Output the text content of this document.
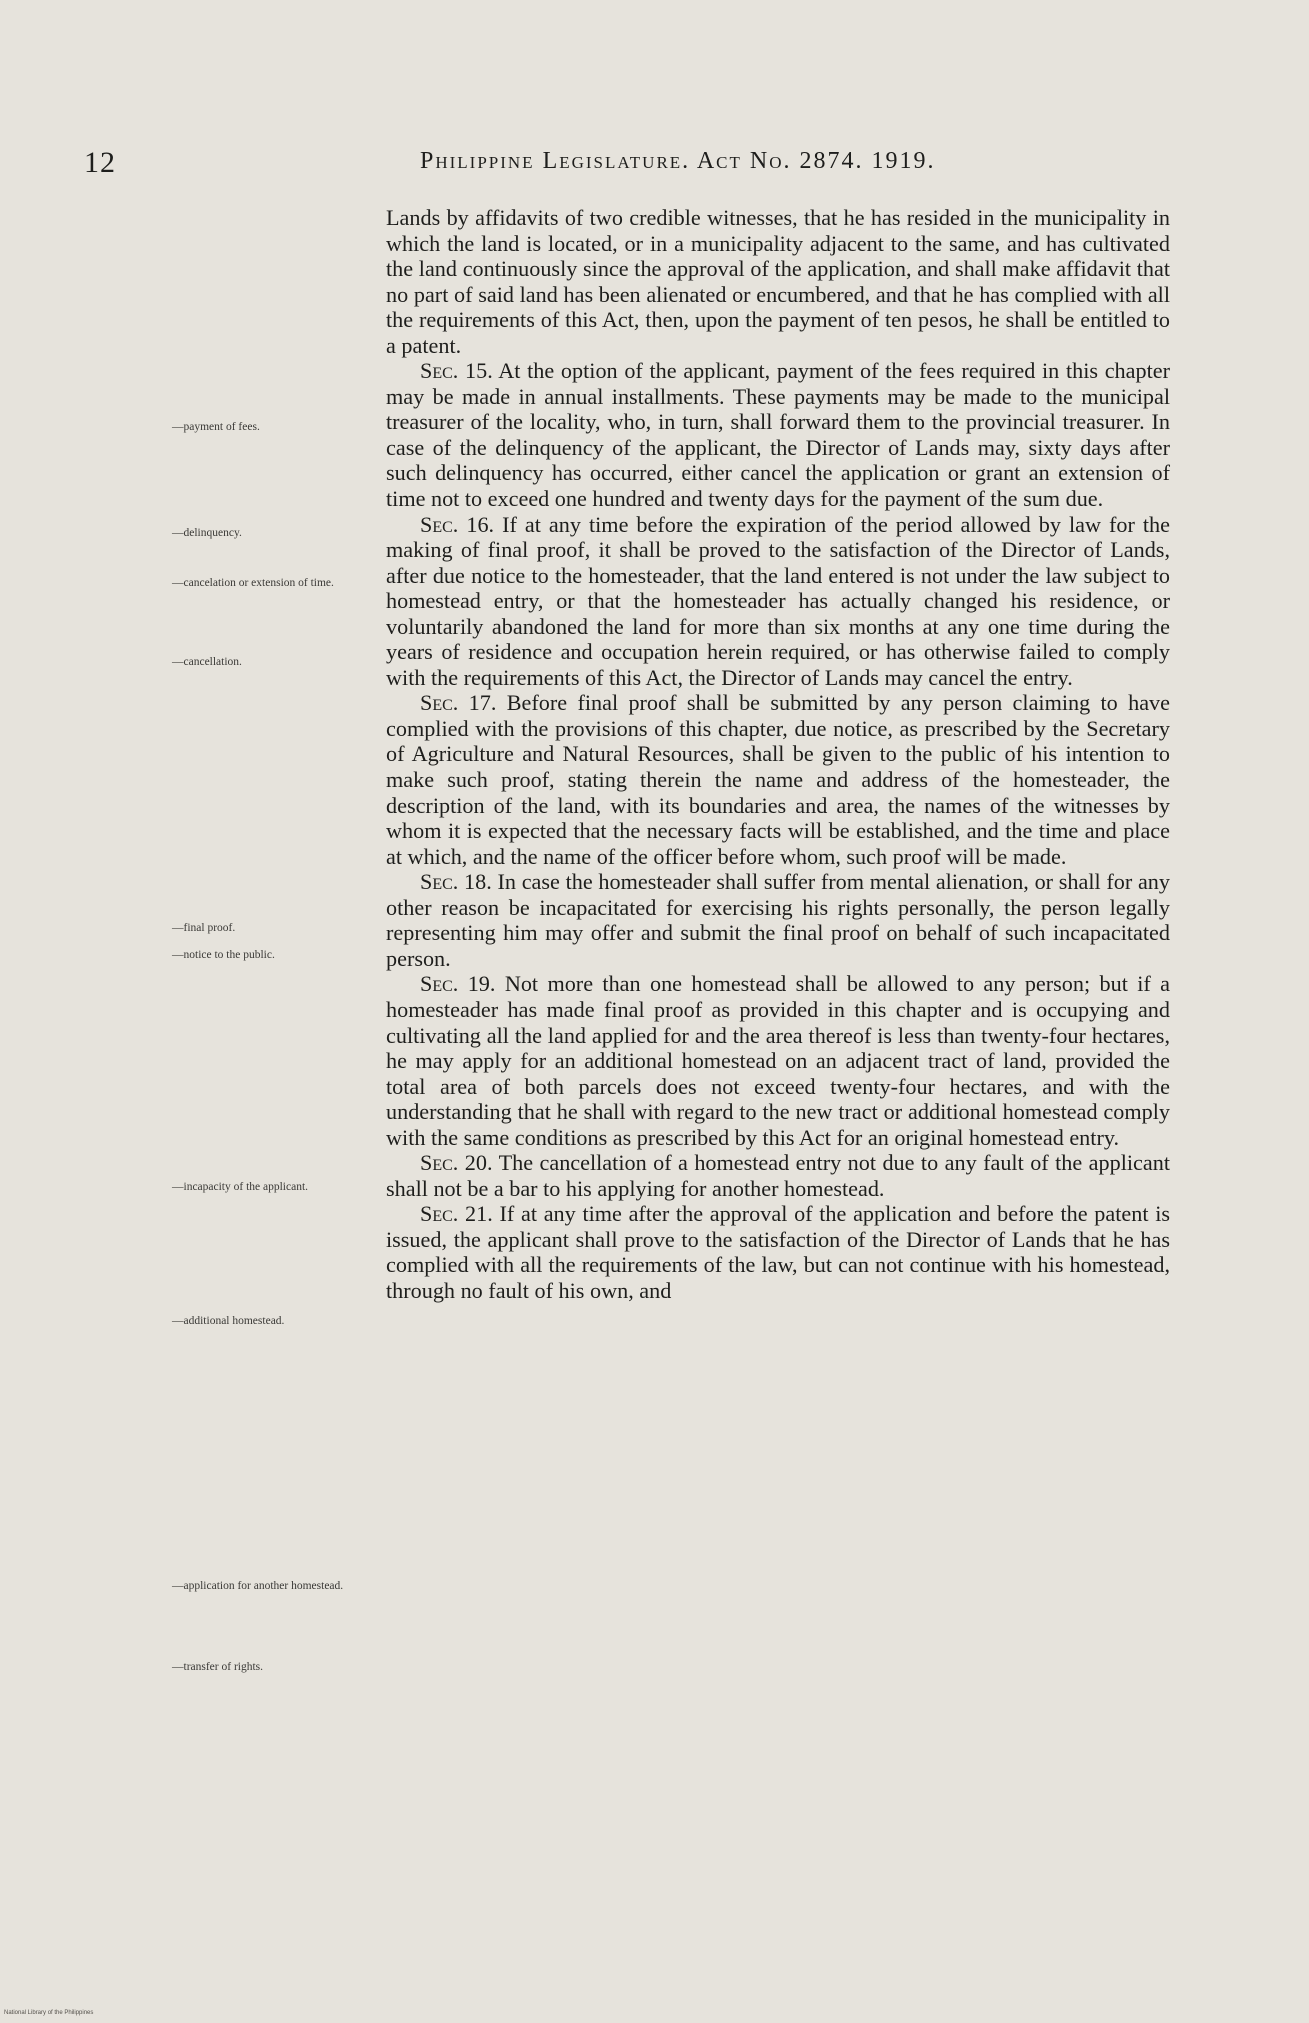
12	Philippine Legislature. Act No. 2874. 1919.
—payment of fees.
—delinquency.
—cancelation or extension of time.
—cancellation.
—final proof.
—notice to the public.
—incapacity of the applicant.
—additional homestead.
—application for another homestead.
—transfer of rights.

Lands by affidavits of two credible witnesses, that he has resided in the municipality in which the land is located, or in a municipality adjacent to the same, and has cultivated the land continuously since the approval of the application, and shall make affidavit that no part of said land has been alienated or encumbered, and that he has complied with all the requirements of this Act, then, upon the payment of ten pesos, he shall be entitled to a patent.

Sec. 15. At the option of the applicant, payment of the fees required in this chapter may be made in annual installments. These payments may be made to the municipal treasurer of the locality, who, in turn, shall forward them to the provincial treasurer. In case of the delinquency of the applicant, the Director of Lands may, sixty days after such delinquency has occurred, either cancel the application or grant an extension of time not to exceed one hundred and twenty days for the payment of the sum due.

Sec. 16. If at any time before the expiration of the period allowed by law for the making of final proof, it shall be proved to the satisfaction of the Director of Lands, after due notice to the homesteader, that the land entered is not under the law subject to homestead entry, or that the homesteader has actually changed his residence, or voluntarily abandoned the land for more than six months at any one time during the years of residence and occupation herein required, or has otherwise failed to comply with the requirements of this Act, the Director of Lands may cancel the entry.

Sec. 17. Before final proof shall be submitted by any person claiming to have complied with the provisions of this chapter, due notice, as prescribed by the Secretary of Agriculture and Natural Resources, shall be given to the public of his intention to make such proof, stating therein the name and address of the homesteader, the description of the land, with its boundaries and area, the names of the witnesses by whom it is expected that the necessary facts will be established, and the time and place at which, and the name of the officer before whom, such proof will be made.

Sec. 18. In case the homesteader shall suffer from mental alienation, or shall for any other reason be incapacitated for exercising his rights personally, the person legally representing him may offer and submit the final proof on behalf of such incapacitated person.

Sec. 19. Not more than one homestead shall be allowed to any person; but if a homesteader has made final proof as provided in this chapter and is occupying and cultivating all the land applied for and the area thereof is less than twenty-four hectares, he may apply for an additional homestead on an adjacent tract of land, provided the total area of both parcels does not exceed twenty-four hectares, and with the understanding that he shall with regard to the new tract or additional homestead comply with the same conditions as prescribed by this Act for an original homestead entry.

Sec. 20. The cancellation of a homestead entry not due to any fault of the applicant shall not be a bar to his applying for another homestead.

Sec. 21. If at any time after the approval of the application and before the patent is issued, the applicant shall prove to the satisfaction of the Director of Lands that he has complied with all the requirements of the law, but can not continue with his homestead, through no fault of his own, and

National Library of the Philippines
